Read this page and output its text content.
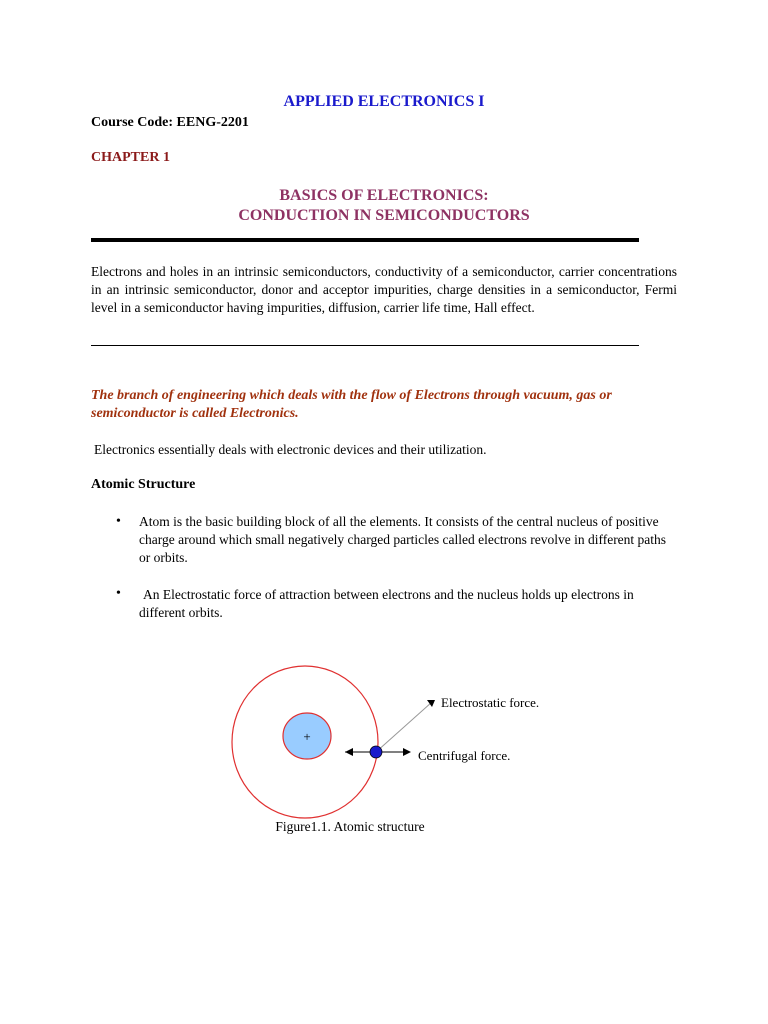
APPLIED ELECTRONICS I
Course Code: EENG-2201
CHAPTER 1
BASICS OF ELECTRONICS:
CONDUCTION IN SEMICONDUCTORS
Electrons and holes in an intrinsic semiconductors, conductivity of a semiconductor, carrier concentrations in an intrinsic semiconductor, donor and acceptor impurities, charge densities in a semiconductor, Fermi level in a semiconductor having impurities, diffusion, carrier life time, Hall effect.
The branch of engineering which deals with the flow of Electrons through vacuum, gas or semiconductor is called Electronics.
Electronics essentially deals with electronic devices and their utilization.
Atomic Structure
• Atom is the basic building block of all the elements. It consists of the central nucleus of positive charge around which small negatively charged particles called electrons revolve in different paths or orbits.
• An Electrostatic force of attraction between electrons and the nucleus holds up electrons in different orbits.
+
Electrostatic force.
Centrifugal force.
Figure1.1. Atomic structure
